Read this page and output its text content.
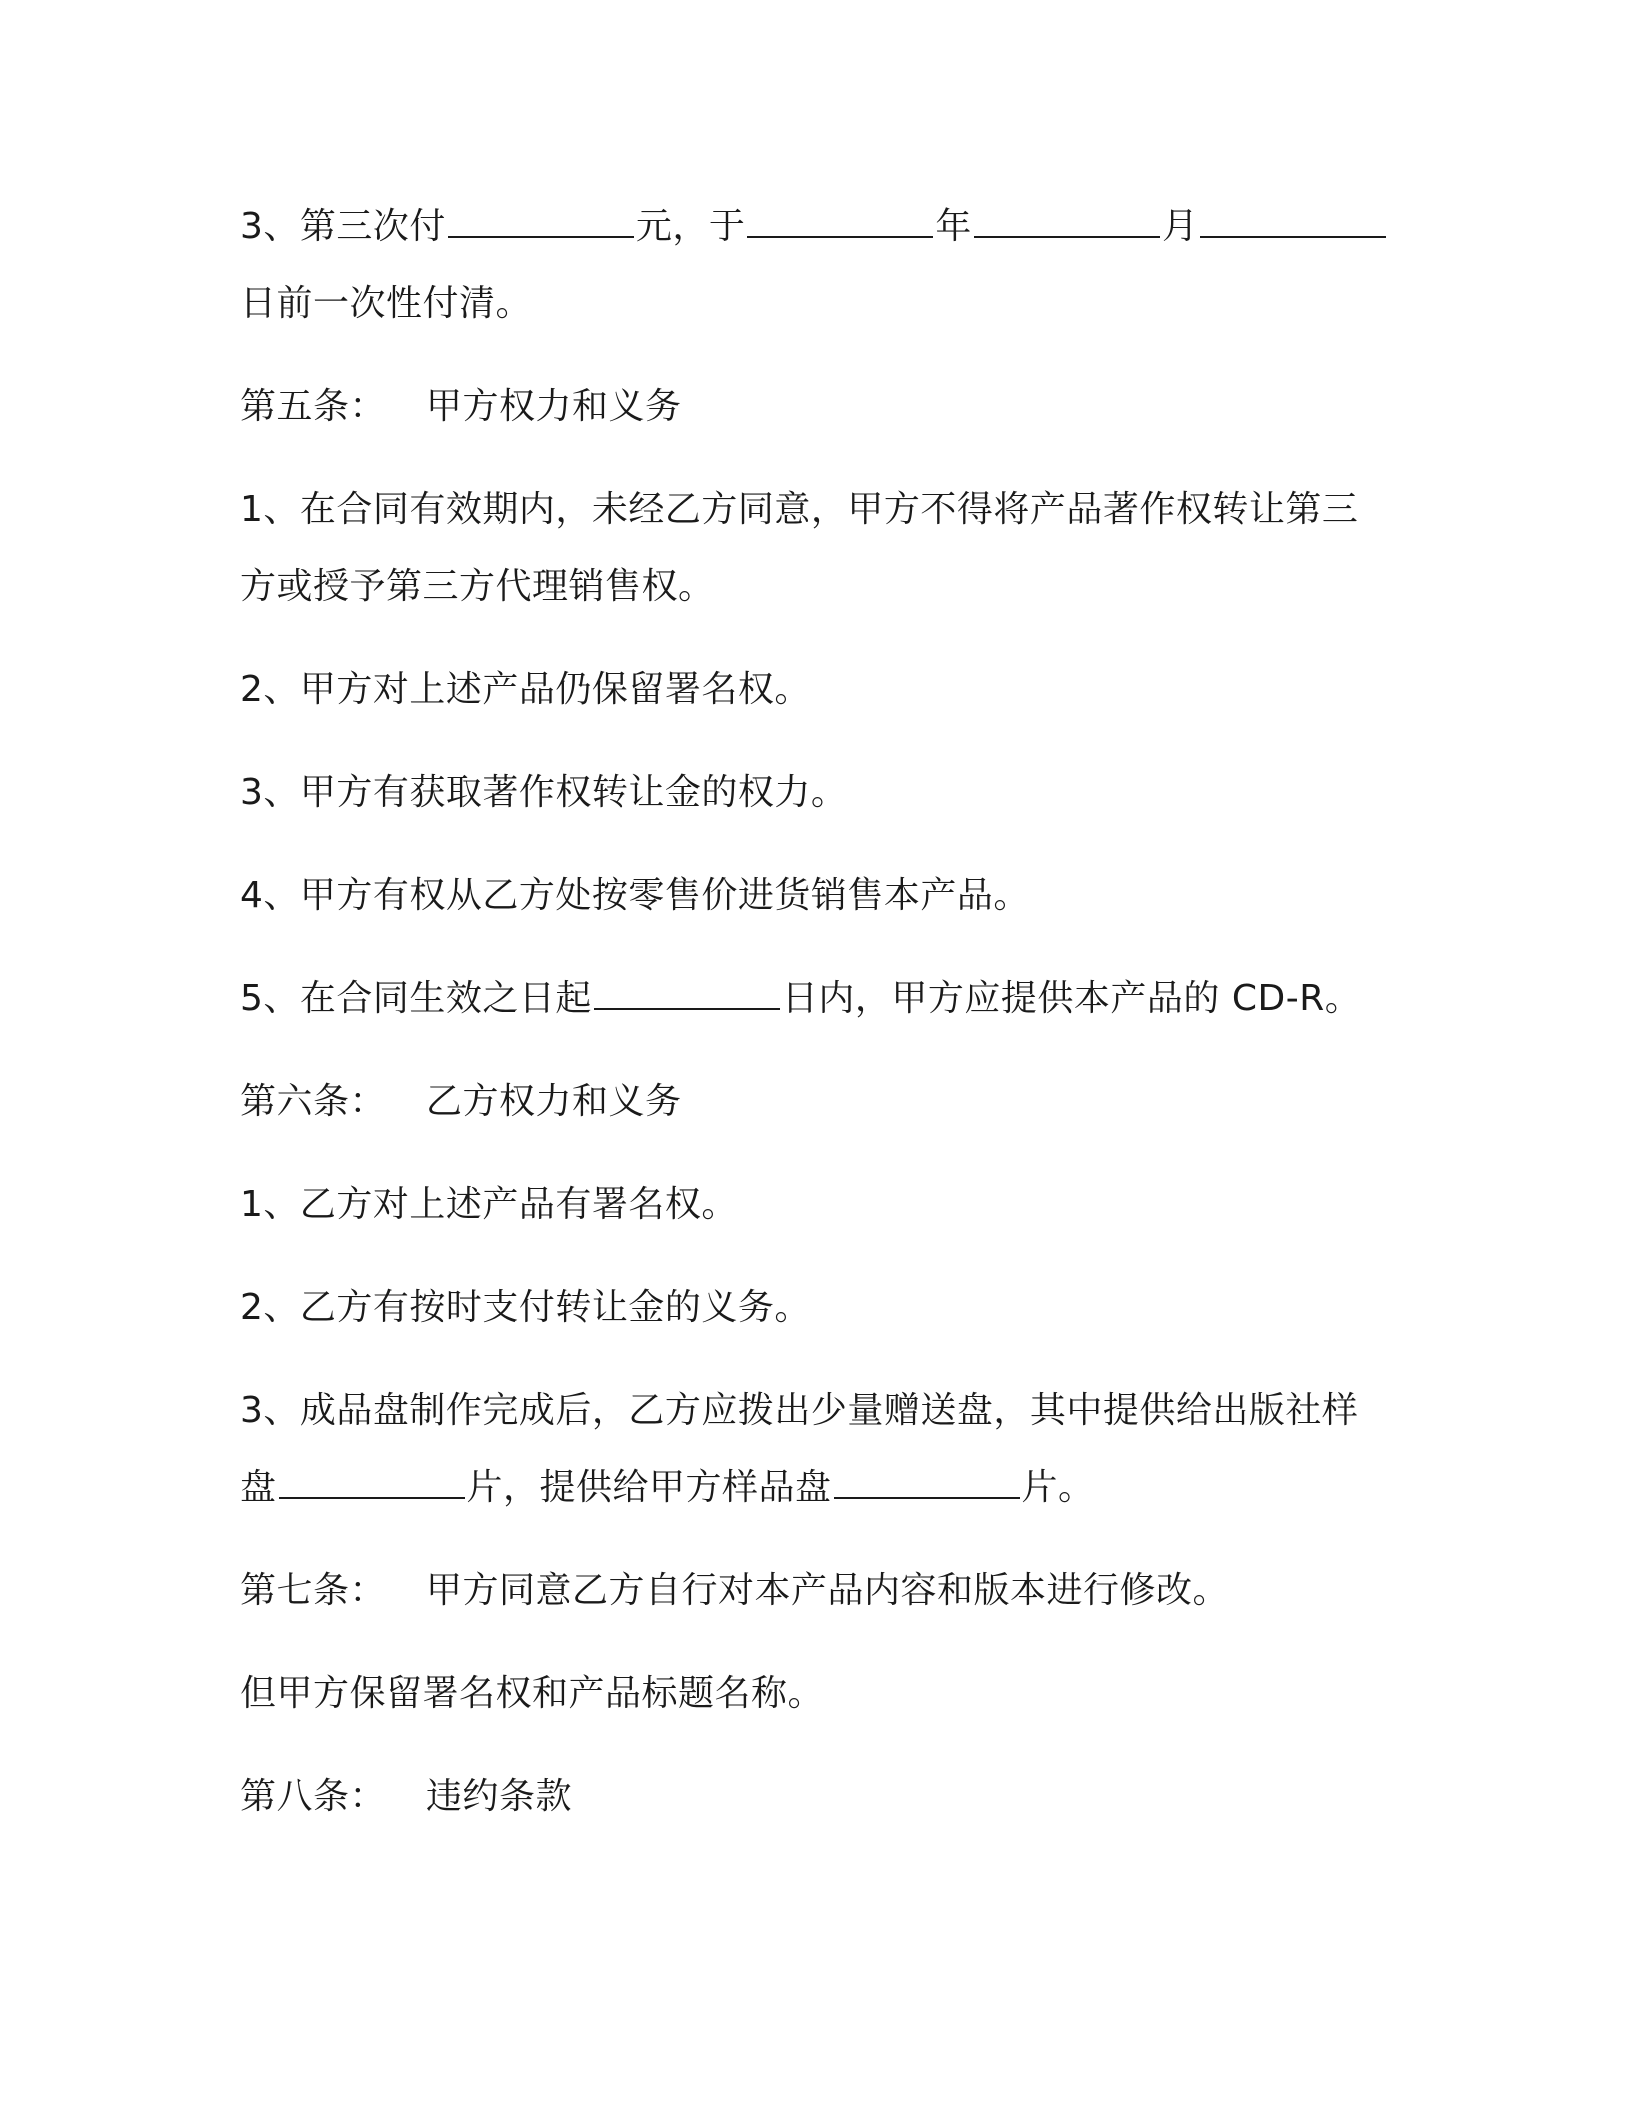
3、第三次付	元，于	年	月日前一次性付清。

第五条： 甲方权力和义务

1、在合同有效期内，未经乙方同意，甲方不得将产品著作权转让第三方或授予第三方代理销售权。

2、甲方对上述产品仍保留署名权。

3、甲方有获取著作权转让金的权力。

4、甲方有权从乙方处按零售价进货销售本产品。

5、在合同生效之日起	日内，甲方应提供本产品的 CD-R。

第六条： 乙方权力和义务

1、乙方对上述产品有署名权。

2、乙方有按时支付转让金的义务。

3、成品盘制作完成后，乙方应拨出少量赠送盘，其中提供给出版社样盘	片，提供给甲方样品盘	片。

第七条： 甲方同意乙方自行对本产品内容和版本进行修改。

但甲方保留署名权和产品标题名称。

第八条： 违约条款
